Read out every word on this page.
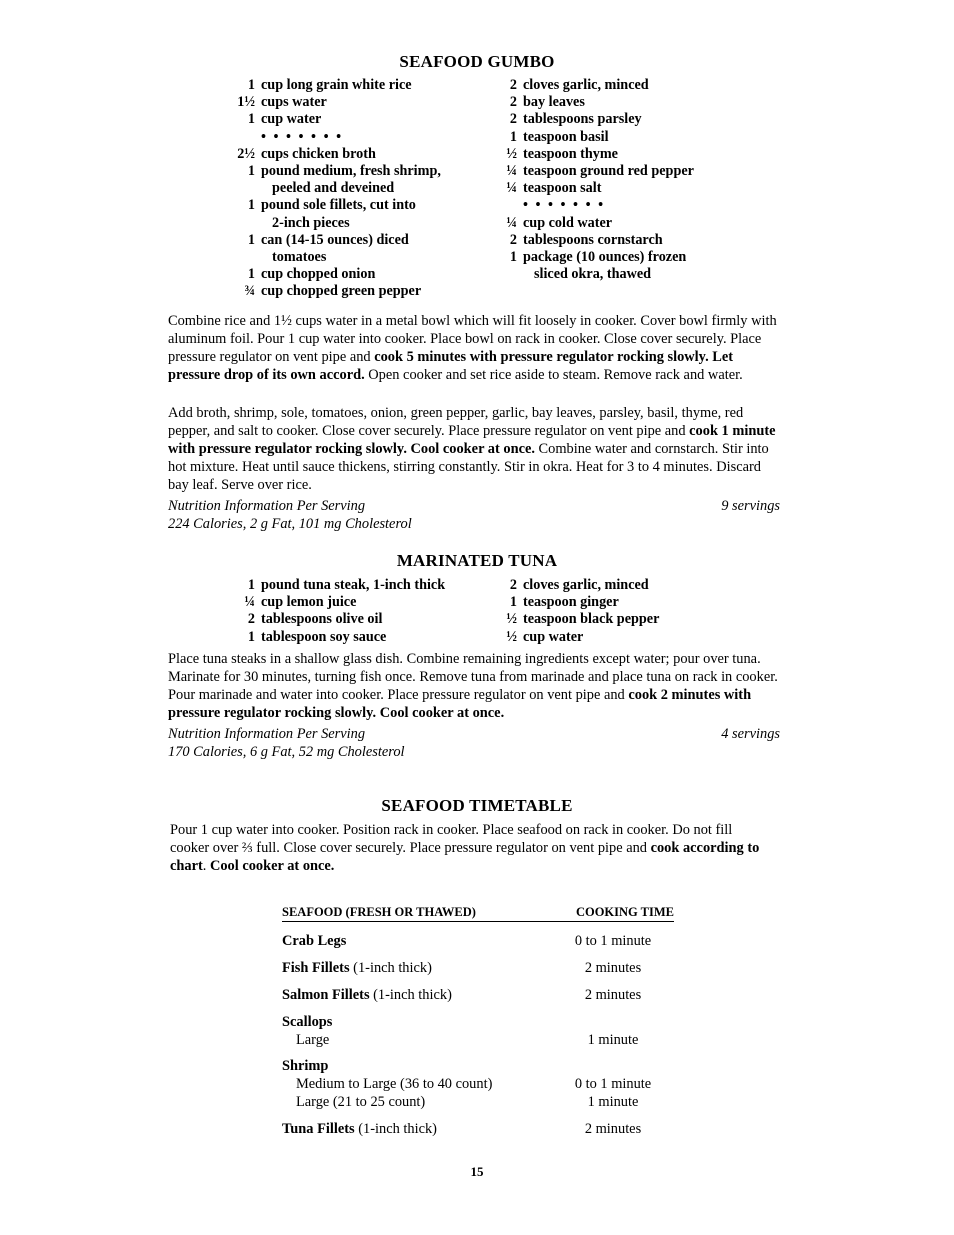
SEAFOOD GUMBO
1 cup long grain white rice
1½ cups water
1 cup water
• • • • • • •
2½ cups chicken broth
1 pound medium, fresh shrimp,
peeled and deveined
1 pound sole fillets, cut into
2-inch pieces
1 can (14-15 ounces) diced
tomatoes
1 cup chopped onion
¾ cup chopped green pepper
2 cloves garlic, minced
2 bay leaves
2 tablespoons parsley
1 teaspoon basil
½ teaspoon thyme
¼ teaspoon ground red pepper
¼ teaspoon salt
• • • • • • •
¼ cup cold water
2 tablespoons cornstarch
1 package (10 ounces) frozen
sliced okra, thawed
Combine rice and 1½ cups water in a metal bowl which will fit loosely in cooker. Cover bowl firmly with aluminum foil. Pour 1 cup water into cooker. Place bowl on rack in cooker. Close cover securely. Place pressure regulator on vent pipe and cook 5 minutes with pressure regulator rocking slowly. Let pressure drop of its own accord. Open cooker and set rice aside to steam. Remove rack and water.
Add broth, shrimp, sole, tomatoes, onion, green pepper, garlic, bay leaves, parsley, basil, thyme, red pepper, and salt to cooker. Close cover securely. Place pressure regulator on vent pipe and cook 1 minute with pressure regulator rocking slowly. Cool cooker at once. Combine water and cornstarch. Stir into hot mixture. Heat until sauce thickens, stirring constantly. Stir in okra. Heat for 3 to 4 minutes. Discard bay leaf. Serve over rice.
Nutrition Information Per Serving	9 servings
224 Calories, 2 g Fat, 101 mg Cholesterol
MARINATED TUNA
1 pound tuna steak, 1-inch thick
¼ cup lemon juice
2 tablespoons olive oil
1 tablespoon soy sauce
2 cloves garlic, minced
1 teaspoon ginger
½ teaspoon black pepper
½ cup water
Place tuna steaks in a shallow glass dish. Combine remaining ingredients except water; pour over tuna. Marinate for 30 minutes, turning fish once. Remove tuna from marinade and place tuna on rack in cooker. Pour marinade and water into cooker. Place pressure regulator on vent pipe and cook 2 minutes with pressure regulator rocking slowly. Cool cooker at once.
Nutrition Information Per Serving	4 servings
170 Calories, 6 g Fat, 52 mg Cholesterol
SEAFOOD TIMETABLE
Pour 1 cup water into cooker. Position rack in cooker. Place seafood on rack in cooker. Do not fill cooker over ⅔ full. Close cover securely. Place pressure regulator on vent pipe and cook according to chart. Cool cooker at once.
SEAFOOD (FRESH OR THAWED)	COOKING TIME
Crab Legs	0 to 1 minute
Fish Fillets (1-inch thick)	2 minutes
Salmon Fillets (1-inch thick)	2 minutes
Scallops
Large	1 minute
Shrimp
Medium to Large (36 to 40 count)	0 to 1 minute
Large (21 to 25 count)	1 minute
Tuna Fillets (1-inch thick)	2 minutes
15
